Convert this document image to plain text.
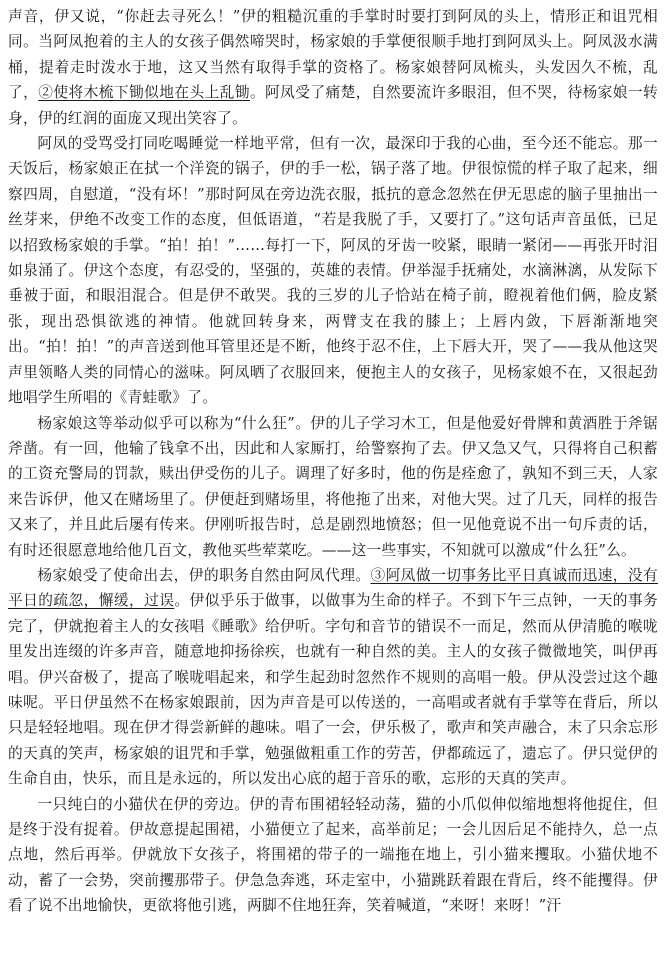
声音，伊又说，“你赶去寻死么！”伊的粗糙沉重的手掌时时要打到阿凤的头上，情形正和诅咒相同。当阿凤抱着的主人的女孩子偶然啼哭时，杨家娘的手掌便很顺手地打到阿凤头上。阿凤汲水满桶，提着走时泼水于地，这又当然有取得手掌的资格了。杨家娘替阿凤梳头，头发因久不梳，乱了，②使将木梳下锄似地在头上乱锄。阿凤受了痛楚，自然要流许多眼泪，但不哭，待杨家娘一转身，伊的红润的面庞又现出笑容了。

阿凤的受骂受打同吃喝睡觉一样地平常，但有一次，最深印于我的心曲，至今还不能忘。那一天饭后，杨家娘正在拭一个洋瓷的锅子，伊的手一松，锅子落了地。伊很惊慌的样子取了起来，细察四周，自慰道，“没有坏！”那时阿凤在旁边洗衣服，抵抗的意念忽然在伊无思虑的脑子里抽出一丝芽来，伊绝不改变工作的态度，但低语道，“若是我脱了手，又要打了。”这句话声音虽低，已足以招致杨家娘的手掌。“拍！拍！”……每打一下，阿凤的牙齿一咬紧，眼睛一紧闭——再张开时泪如泉涌了。伊这个态度，有忍受的，坚强的，英雄的表情。伊举湿手抚痛处，水滴淋漓，从发际下垂被于面，和眼泪混合。但是伊不敢哭。我的三岁的儿子恰站在椅子前，瞪视着他们俩，脸皮紧张，现出恐惧欲逃的神情。他就回转身来，两臂支在我的膝上；上唇内敛，下唇渐渐地突出。“拍！拍！”的声音送到他耳管里还是不断，他终于忍不住，上下唇大开，哭了——我从他这哭声里领略人类的同情心的滋味。阿凤晒了衣服回来，便抱主人的女孩子，见杨家娘不在，又很起劲地唱学生所唱的《青蛙歌》了。

杨家娘这等举动似乎可以称为“什么狂”。伊的儿子学习木工，但是他爱好骨牌和黄酒胜于斧锯斧凿。有一回，他输了钱拿不出，因此和人家厮打，给警察拘了去。伊又急又气，只得将自己积蓄的工资充警局的罚款，赎出伊受伤的儿子。调理了好多时，他的伤是痊愈了，孰知不到三天，人家来告诉伊，他又在赌场里了。伊便赶到赌场里，将他拖了出来，对他大哭。过了几天，同样的报告又来了，并且此后屡有传来。伊刚听报告时，总是剧烈地愤怒；但一见他竟说不出一句斥责的话，有时还很愿意地给他几百文，教他买些荤菜吃。——这一些事实，不知就可以激成“什么狂”么。

杨家娘受了使命出去，伊的职务自然由阿凤代理。③阿凤做一切事务比平日真诚而迅速，没有平日的疏忽，懈缓，过误。伊似乎乐于做事，以做事为生命的样子。不到下午三点钟，一天的事务完了，伊就抱着主人的女孩唱《睡歌》给伊听。字句和音节的错误不一而足，然而从伊清脆的喉咙里发出连缀的许多声音，随意地抑扬徐疾，也就有一种自然的美。主人的女孩子微微地笑，叫伊再唱。伊兴奋极了，提高了喉咙唱起来，和学生起劲时忽然作不规则的高唱一般。伊从没尝过这个趣味呢。平日伊虽然不在杨家娘跟前，因为声音是可以传送的，一高唱或者就有手掌等在背后，所以只是轻轻地唱。现在伊才得尝新鲜的趣味。唱了一会，伊乐极了，歌声和笑声融合，末了只余忘形的天真的笑声，杨家娘的诅咒和手掌，勉强做粗重工作的劳苦，伊都疏远了，遗忘了。伊只觉伊的生命自由，快乐，而且是永远的，所以发出心底的超于音乐的歌，忘形的天真的笑声。

一只纯白的小猫伏在伊的旁边。伊的青布围裙轻轻动荡，猫的小爪似伸似缩地想将他捉住，但是终于没有捉着。伊故意提起围裙，小猫便立了起来，高举前足；一会儿因后足不能持久，总一点点地，然后再举。伊就放下女孩子，将围裙的带子的一端拖在地上，引小猫来攫取。小猫伏地不动，蓄了一会势，突前攫那带子。伊急急奔逃，环走室中，小猫跳跃着跟在背后，终不能攫得。伊看了说不出地愉快，更欲将他引逃，两脚不住地狂奔，笑着喊道，“来呀！来呀！”汗
